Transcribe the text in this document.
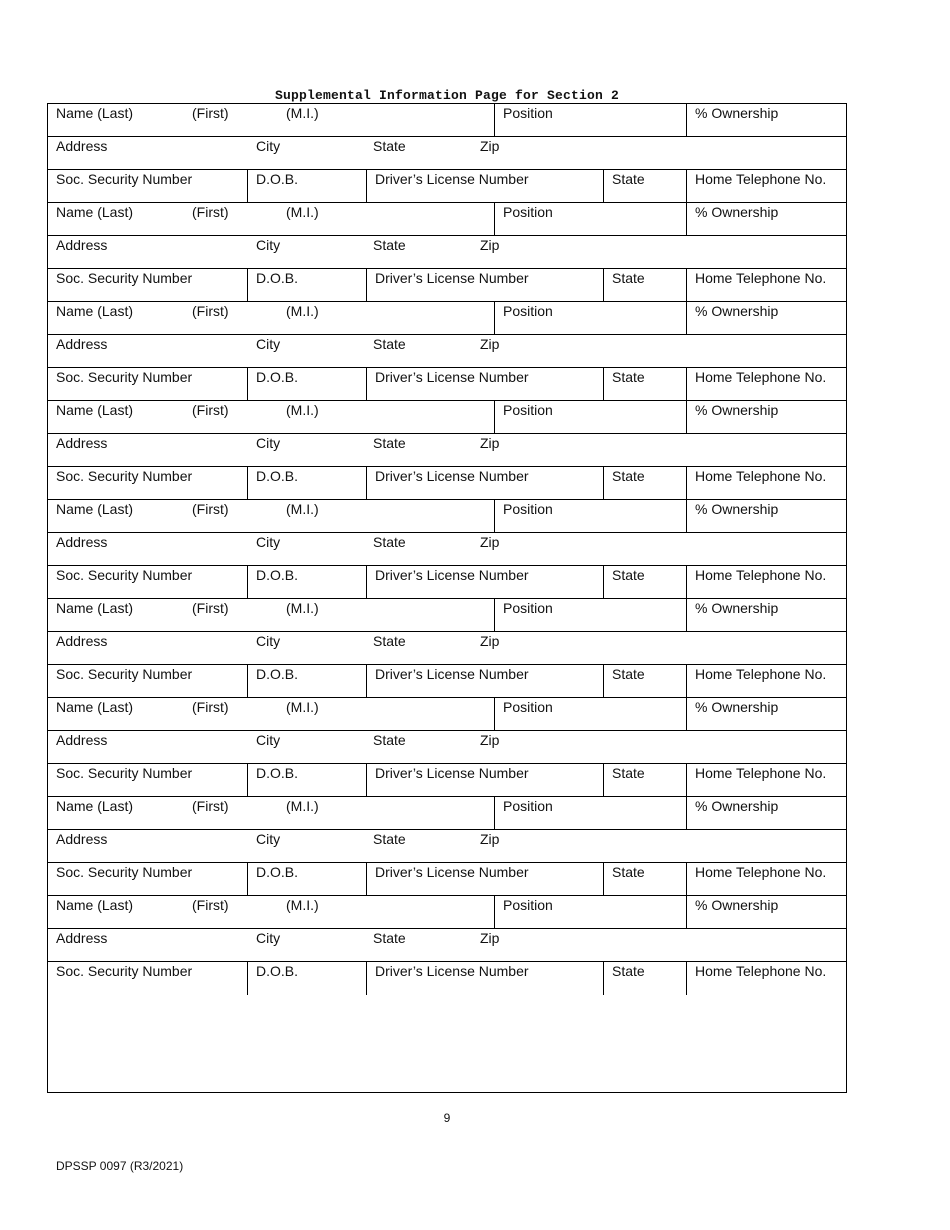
Supplemental Information Page for Section 2
Name (Last)	(First)	(M.I.)	Position	% Ownership
Address	City	State	Zip
Soc. Security Number	D.O.B.	Driver’s License Number	State	Home Telephone No.
Name (Last)	(First)	(M.I.)	Position	% Ownership
Address	City	State	Zip
Soc. Security Number	D.O.B.	Driver’s License Number	State	Home Telephone No.
Name (Last)	(First)	(M.I.)	Position	% Ownership
Address	City	State	Zip
Soc. Security Number	D.O.B.	Driver’s License Number	State	Home Telephone No.
Name (Last)	(First)	(M.I.)	Position	% Ownership
Address	City	State	Zip
Soc. Security Number	D.O.B.	Driver’s License Number	State	Home Telephone No.
Name (Last)	(First)	(M.I.)	Position	% Ownership
Address	City	State	Zip
Soc. Security Number	D.O.B.	Driver’s License Number	State	Home Telephone No.
Name (Last)	(First)	(M.I.)	Position	% Ownership
Address	City	State	Zip
Soc. Security Number	D.O.B.	Driver’s License Number	State	Home Telephone No.
Name (Last)	(First)	(M.I.)	Position	% Ownership
Address	City	State	Zip
Soc. Security Number	D.O.B.	Driver’s License Number	State	Home Telephone No.
Name (Last)	(First)	(M.I.)	Position	% Ownership
Address	City	State	Zip
Soc. Security Number	D.O.B.	Driver’s License Number	State	Home Telephone No.
Name (Last)	(First)	(M.I.)	Position	% Ownership
Address	City	State	Zip
Soc. Security Number	D.O.B.	Driver’s License Number	State	Home Telephone No.
9
DPSSP 0097 (R3/2021)
